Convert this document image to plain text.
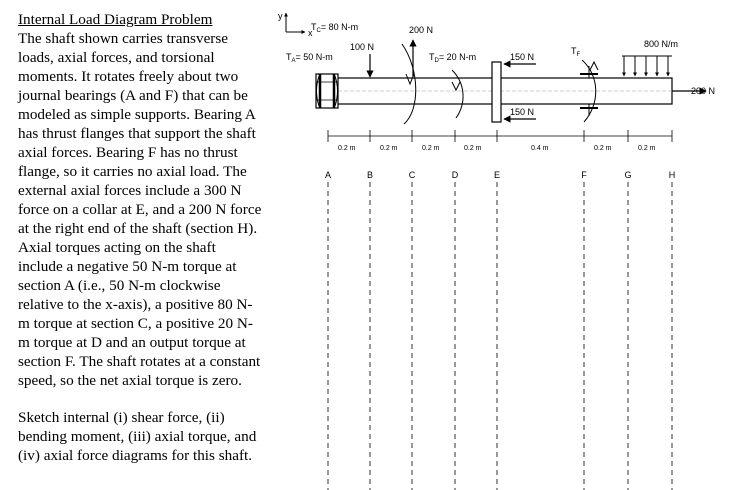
Internal Load Diagram Problem
The shaft shown carries transverse
loads, axial forces, and torsional
moments. It rotates freely about two
journal bearings (A and F) that can be
modeled as simple supports. Bearing A
has thrust flanges that support the shaft
axial forces. Bearing F has no thrust
flange, so it carries no axial load. The
external axial forces include a 300 N
force on a collar at E, and a 200 N force
at the right end of the shaft (section H).
Axial torques acting on the shaft
include a negative 50 N-m torque at
section A (i.e., 50 N-m clockwise
relative to the x-axis), a positive 80 N-
m torque at section C, a positive 20 N-
m torque at D and an output torque at
section F. The shaft rotates at a constant
speed, so the net axial torque is zero.
Sketch internal (i) shear force, (ii)
bending moment, (iii) axial torque, and
(iv) axial force diagrams for this shaft.
y
x
$T_C= 80$ N-m
100 N
200 N
$T_A= 50$ N-m	$T_D= 20$ N-m	150 N
150 N
$T_F$
800 N/m
200 N
0.2 m	0.2 m	0.2 m	0.2 m	0.4 m	0.2 m	0.2 m
A	B	C	D	E	F	G	H
